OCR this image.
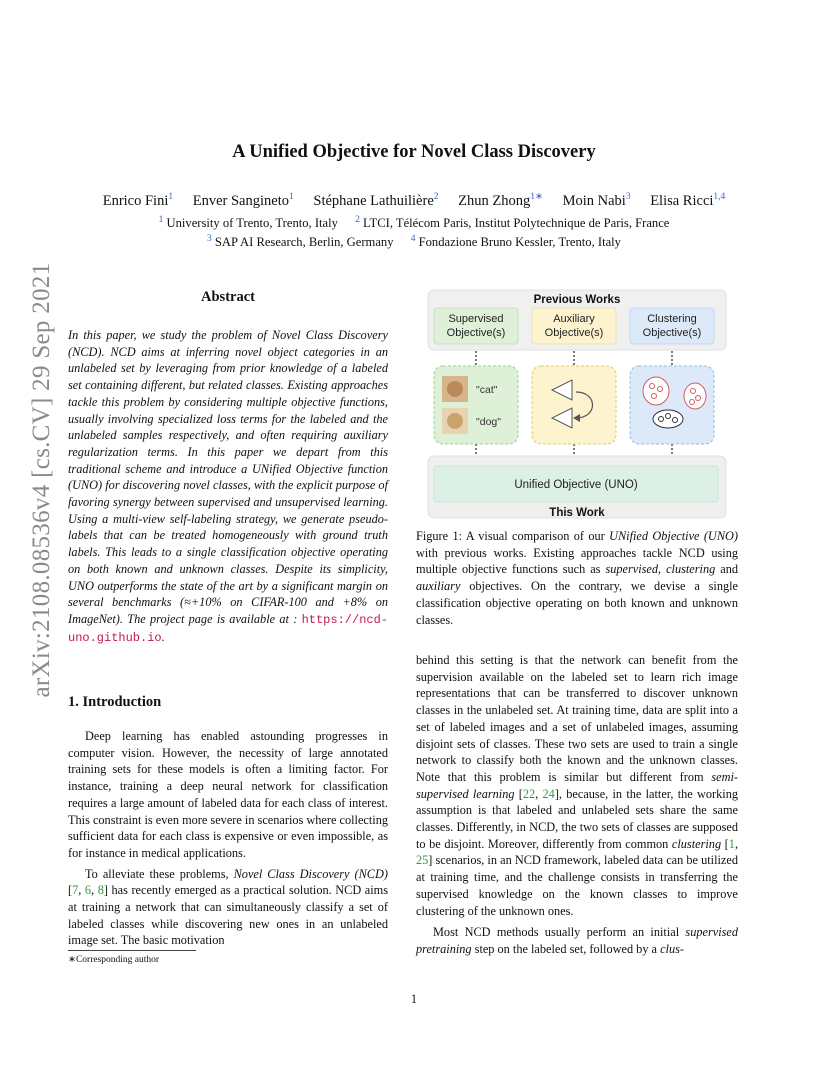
arXiv:2108.08536v4 [cs.CV] 29 Sep 2021
A Unified Objective for Novel Class Discovery
Enrico Fini$^1$ Enver Sangineto$^1$ Stéphane Lathuilière$^2$ Zhun Zhong$^{1∗}$ Moin Nabi$^3$ Elisa Ricci$^{1,4}$
$^1$ University of Trento, Trento, Italy $^2$ LTCI, Télécom Paris, Institut Polytechnique de Paris, France
$^3$ SAP AI Research, Berlin, Germany $^4$ Fondazione Bruno Kessler, Trento, Italy
Abstract
In this paper, we study the problem of Novel Class Discovery (NCD). NCD aims at inferring novel object categories in an unlabeled set by leveraging from prior knowledge of a labeled set containing different, but related classes. Existing approaches tackle this problem by considering multiple objective functions, usually involving specialized loss terms for the labeled and the unlabeled samples respectively, and often requiring auxiliary regularization terms. In this paper we depart from this traditional scheme and introduce a UNified Objective function (UNO) for discovering novel classes, with the explicit purpose of favoring synergy between supervised and unsupervised learning. Using a multi-view self-labeling strategy, we generate pseudo-labels that can be treated homogeneously with ground truth labels. This leads to a single classification objective operating on both known and unknown classes. Despite its simplicity, UNO outperforms the state of the art by a significant margin on several benchmarks (≈+10% on CIFAR-100 and +8% on ImageNet). The project page is available at : https://ncd-uno.github.io.
1. Introduction

Deep learning has enabled astounding progresses in computer vision. However, the necessity of large annotated training sets for these models is often a limiting factor. For instance, training a deep neural network for classification requires a large amount of labeled data for each class of interest. This constraint is even more severe in scenarios where collecting sufficient data for each class is expensive or even impossible, as for instance in medical applications.

To alleviate these problems, Novel Class Discovery (NCD) [7, 6, 8] has recently emerged as a practical solution. NCD aims at training a network that can simultaneously classify a set of labeled classes while discovering new ones in an unlabeled image set. The basic motivation

∗Corresponding author
1
Previous Works
Supervised
Objective(s)
Auxiliary
Objective(s)
Clustering
Objective(s)
"cat"
"dog"
Unified Objective (UNO)
This Work
Figure 1: A visual comparison of our UNified Objective (UNO) with previous works. Existing approaches tackle NCD using multiple objective functions such as supervised, clustering and auxiliary objectives. On the contrary, we devise a single classification objective operating on both known and unknown classes.

behind this setting is that the network can benefit from the supervision available on the labeled set to learn rich image representations that can be transferred to discover unknown classes in the unlabeled set. At training time, data are split into a set of labeled images and a set of unlabeled images, assuming disjoint sets of classes. These two sets are used to train a single network to classify both the known and the unknown classes. Note that this problem is similar but different from semi-supervised learning [22, 24], because, in the latter, the working assumption is that labeled and unlabeled sets share the same classes. Differently, in NCD, the two sets of classes are supposed to be disjoint. Moreover, differently from common clustering [1, 25] scenarios, in an NCD framework, labeled data can be utilized at training time, and the challenge consists in transferring the supervised knowledge on the known classes to improve clustering of the unknown ones.

Most NCD methods usually perform an initial supervised pretraining step on the labeled set, followed by a clus-
